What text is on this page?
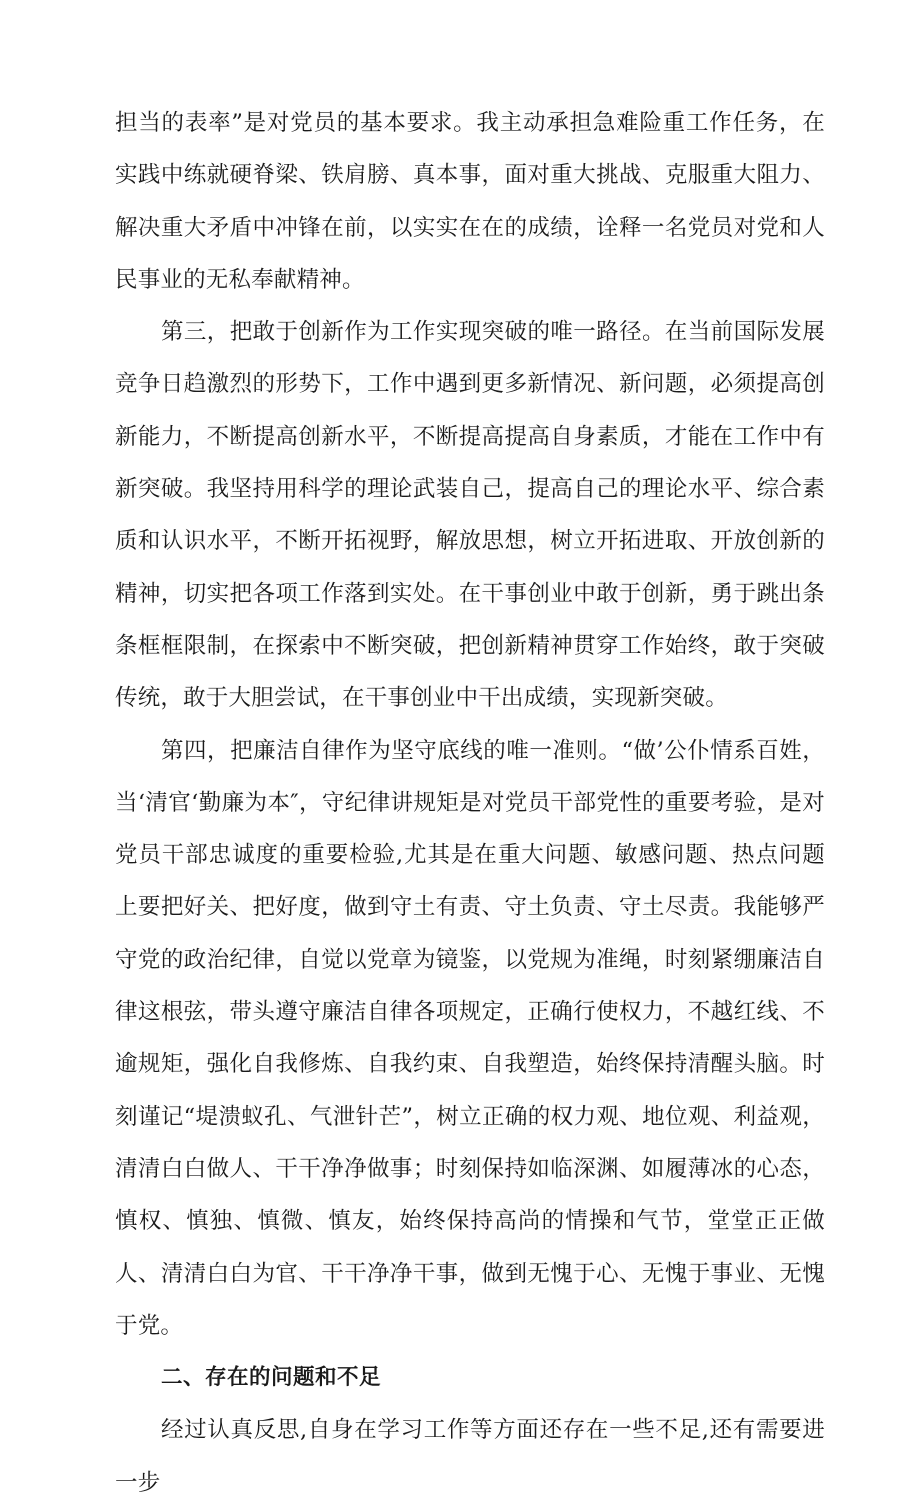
担当的表率”是对党员的基本要求。我主动承担急难险重工作任务，在实践中练就硬脊梁、铁肩膀、真本事，面对重大挑战、克服重大阻力、解决重大矛盾中冲锋在前，以实实在在的成绩，诠释一名党员对党和人民事业的无私奉献精神。

第三，把敢于创新作为工作实现突破的唯一路径。在当前国际发展竞争日趋激烈的形势下，工作中遇到更多新情况、新问题，必须提高创新能力，不断提高创新水平，不断提高提高自身素质，才能在工作中有新突破。我坚持用科学的理论武装自己，提高自己的理论水平、综合素质和认识水平，不断开拓视野，解放思想，树立开拓进取、开放创新的精神，切实把各项工作落到实处。在干事创业中敢于创新，勇于跳出条条框框限制，在探索中不断突破，把创新精神贯穿工作始终，敢于突破传统，敢于大胆尝试，在干事创业中干出成绩，实现新突破。

第四，把廉洁自律作为坚守底线的唯一准则。“做’公仆情系百姓，当‘清官‘勤廉为本″，守纪律讲规矩是对党员干部党性的重要考验，是对党员干部忠诚度的重要检验,尤其是在重大问题、敏感问题、热点问题上要把好关、把好度，做到守土有责、守土负责、守土尽责。我能够严守党的政治纪律，自觉以党章为镜鉴，以党规为准绳，时刻紧绷廉洁自律这根弦，带头遵守廉洁自律各项规定，正确行使权力，不越红线、不逾规矩，强化自我修炼、自我约束、自我塑造，始终保持清醒头脑。时刻谨记“堤溃蚁孔、气泄针芒”，树立正确的权力观、地位观、利益观，清清白白做人、干干净净做事；时刻保持如临深渊、如履薄冰的心态，慎权、慎独、慎微、慎友，始终保持高尚的情操和气节，堂堂正正做人、清清白白为官、干干净净干事，做到无愧于心、无愧于事业、无愧于党。

二、存在的问题和不足

经过认真反思,自身在学习工作等方面还存在一些不足,还有需要进一步
